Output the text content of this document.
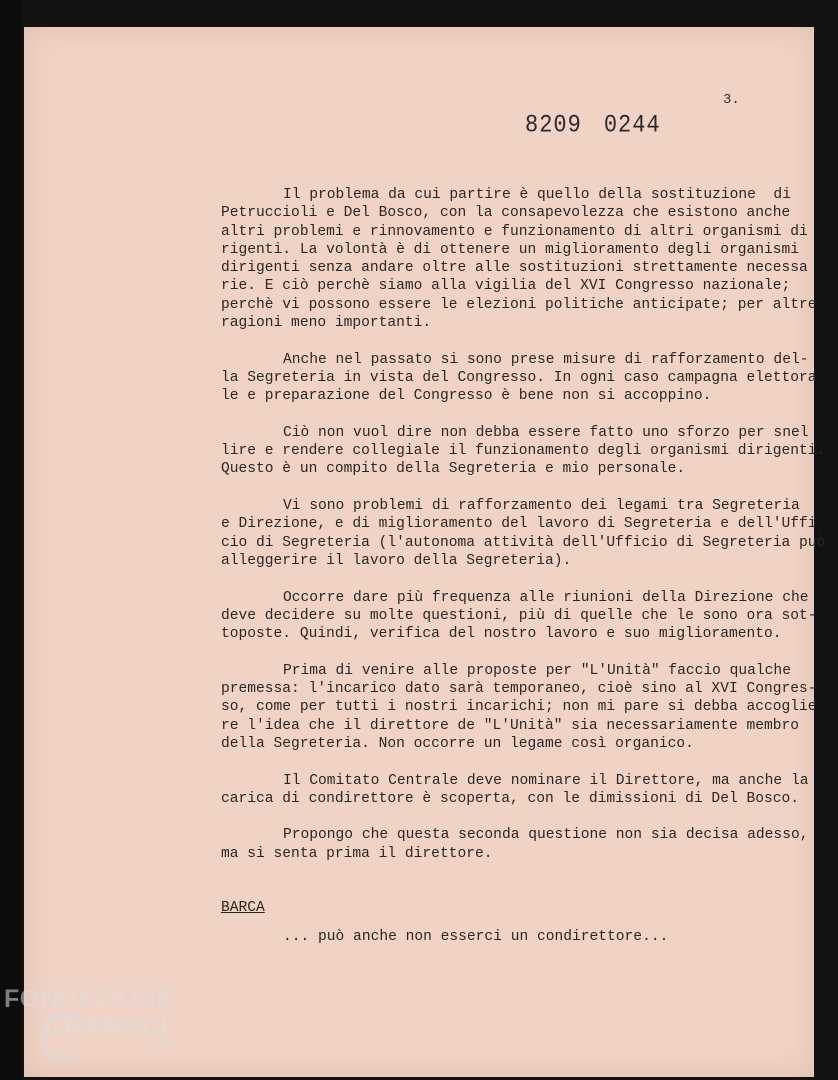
3.
8209 0244
Il problema da cui partire è quello della sostituzione  di
Petruccioli e Del Bosco, con la consapevolezza che esistono anche
altri problemi e rinnovamento e funzionamento di altri organismi di
rigenti. La volontà è di ottenere un miglioramento degli organismi
dirigenti senza andare oltre alle sostituzioni strettamente necessa
rie. E ciò perchè siamo alla vigilia del XVI Congresso nazionale;
perchè vi possono essere le elezioni politiche anticipate; per altre
ragioni meno importanti.
Anche nel passato si sono prese misure di rafforzamento del-
la Segreteria in vista del Congresso. In ogni caso campagna elettora
le e preparazione del Congresso è bene non si accoppino.
Ciò non vuol dire non debba essere fatto uno sforzo per snel
lire e rendere collegiale il funzionamento degli organismi dirigenti.
Questo è un compito della Segreteria e mio personale.
Vi sono problemi di rafforzamento dei legami tra Segreteria
e Direzione, e di miglioramento del lavoro di Segreteria e dell'Uffi
cio di Segreteria (l'autonoma attività dell'Ufficio di Segreteria può
alleggerire il lavoro della Segreteria).
Occorre dare più frequenza alle riunioni della Direzione che
deve decidere su molte questioni, più di quelle che le sono ora sot-
toposte. Quindi, verifica del nostro lavoro e suo miglioramento.
Prima di venire alle proposte per "L'Unità" faccio qualche
premessa: l'incarico dato sarà temporaneo, cioè sino al XVI Congres-
so, come per tutti i nostri incarichi; non mi pare si debba accoglie
re l'idea che il direttore de "L'Unità" sia necessariamente membro
della Segreteria. Non occorre un legame così organico.
Il Comitato Centrale deve nominare il Direttore, ma anche la
carica di condirettore è scoperta, con le dimissioni di Del Bosco.
Propongo che questa seconda questione non sia decisa adesso,
ma si senta prima il direttore.
BARCA
... può anche non esserci un condirettore...
FONDAZIONE
GRAMSCI
onlus
